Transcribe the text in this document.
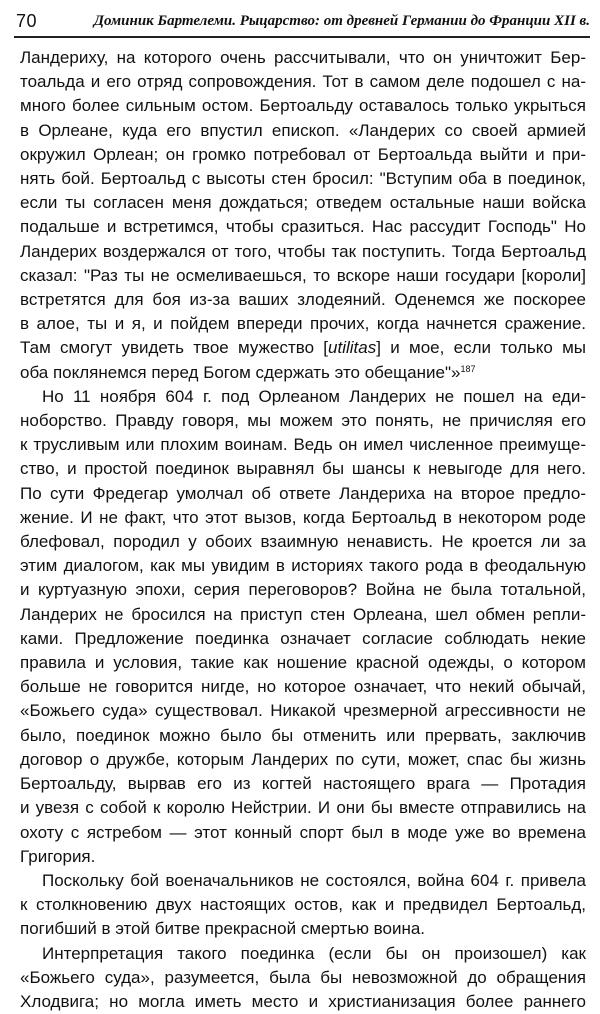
70	Доминик Бартелеми. Рыцарство: от древней Германии до Франции XII в.
Ландериху, на которого очень рассчитывали, что он уничтожит Бер-
тоальда и его отряд сопровождения. Тот в самом деле подошел с на-
много более сильным остом. Бертоальду оставалось только укрыться
в Орлеане, куда его впустил епископ. «Ландерих со своей армией
окружил Орлеан; он громко потребовал от Бертоальда выйти и при-
нять бой. Бертоальд с высоты стен бросил: "Вступим оба в поединок,
если ты согласен меня дождаться; отведем остальные наши войска
подальше и встретимся, чтобы сразиться. Нас рассудит Господь" Но
Ландерих воздержался от того, чтобы так поступить. Тогда Бертоальд
сказал: "Раз ты не осмеливаешься, то вскоре наши государи [короли]
встретятся для боя из-за ваших злодеяний. Оденемся же поскорее
в алое, ты и я, и пойдем впереди прочих, когда начнется сражение.
Там смогут увидеть твое мужество [utilitas] и мое, если только мы
оба поклянемся перед Богом сдержать это обещание"»$^{187}$
Но 11 ноября 604 г. под Орлеаном Ландерих не пошел на еди-
ноборство. Правду говоря, мы можем это понять, не причисляя его
к трусливым или плохим воинам. Ведь он имел численное преимуще-
ство, и простой поединок выравнял бы шансы к невыгоде для него.
По сути Фредегар умолчал об ответе Ландериха на второе предло-
жение. И не факт, что этот вызов, когда Бертоальд в некотором роде
блефовал, породил у обоих взаимную ненависть. Не кроется ли за
этим диалогом, как мы увидим в историях такого рода в феодальную
и куртуазную эпохи, серия переговоров? Война не была тотальной,
Ландерих не бросился на приступ стен Орлеана, шел обмен репли-
ками. Предложение поединка означает согласие соблюдать некие
правила и условия, такие как ношение красной одежды, о котором
больше не говорится нигде, но которое означает, что некий обычай,
«Божьего суда» существовал. Никакой чрезмерной агрессивности не
было, поединок можно было бы отменить или прервать, заключив
договор о дружбе, которым Ландерих по сути, может, спас бы жизнь
Бертоальду, вырвав его из когтей настоящего врага — Протадия
и увезя с собой к королю Нейстрии. И они бы вместе отправились на
охоту с ястребом — этот конный спорт был в моде уже во времена
Григория.
Поскольку бой военачальников не состоялся, война 604 г. привела
к столкновению двух настоящих остов, как и предвидел Бертоальд,
погибший в этой битве прекрасной смертью воина.
Интерпретация такого поединка (если бы он произошел) как
«Божьего суда», разумеется, была бы невозможной до обращения
Хлодвига; но могла иметь место и христианизация более раннего
